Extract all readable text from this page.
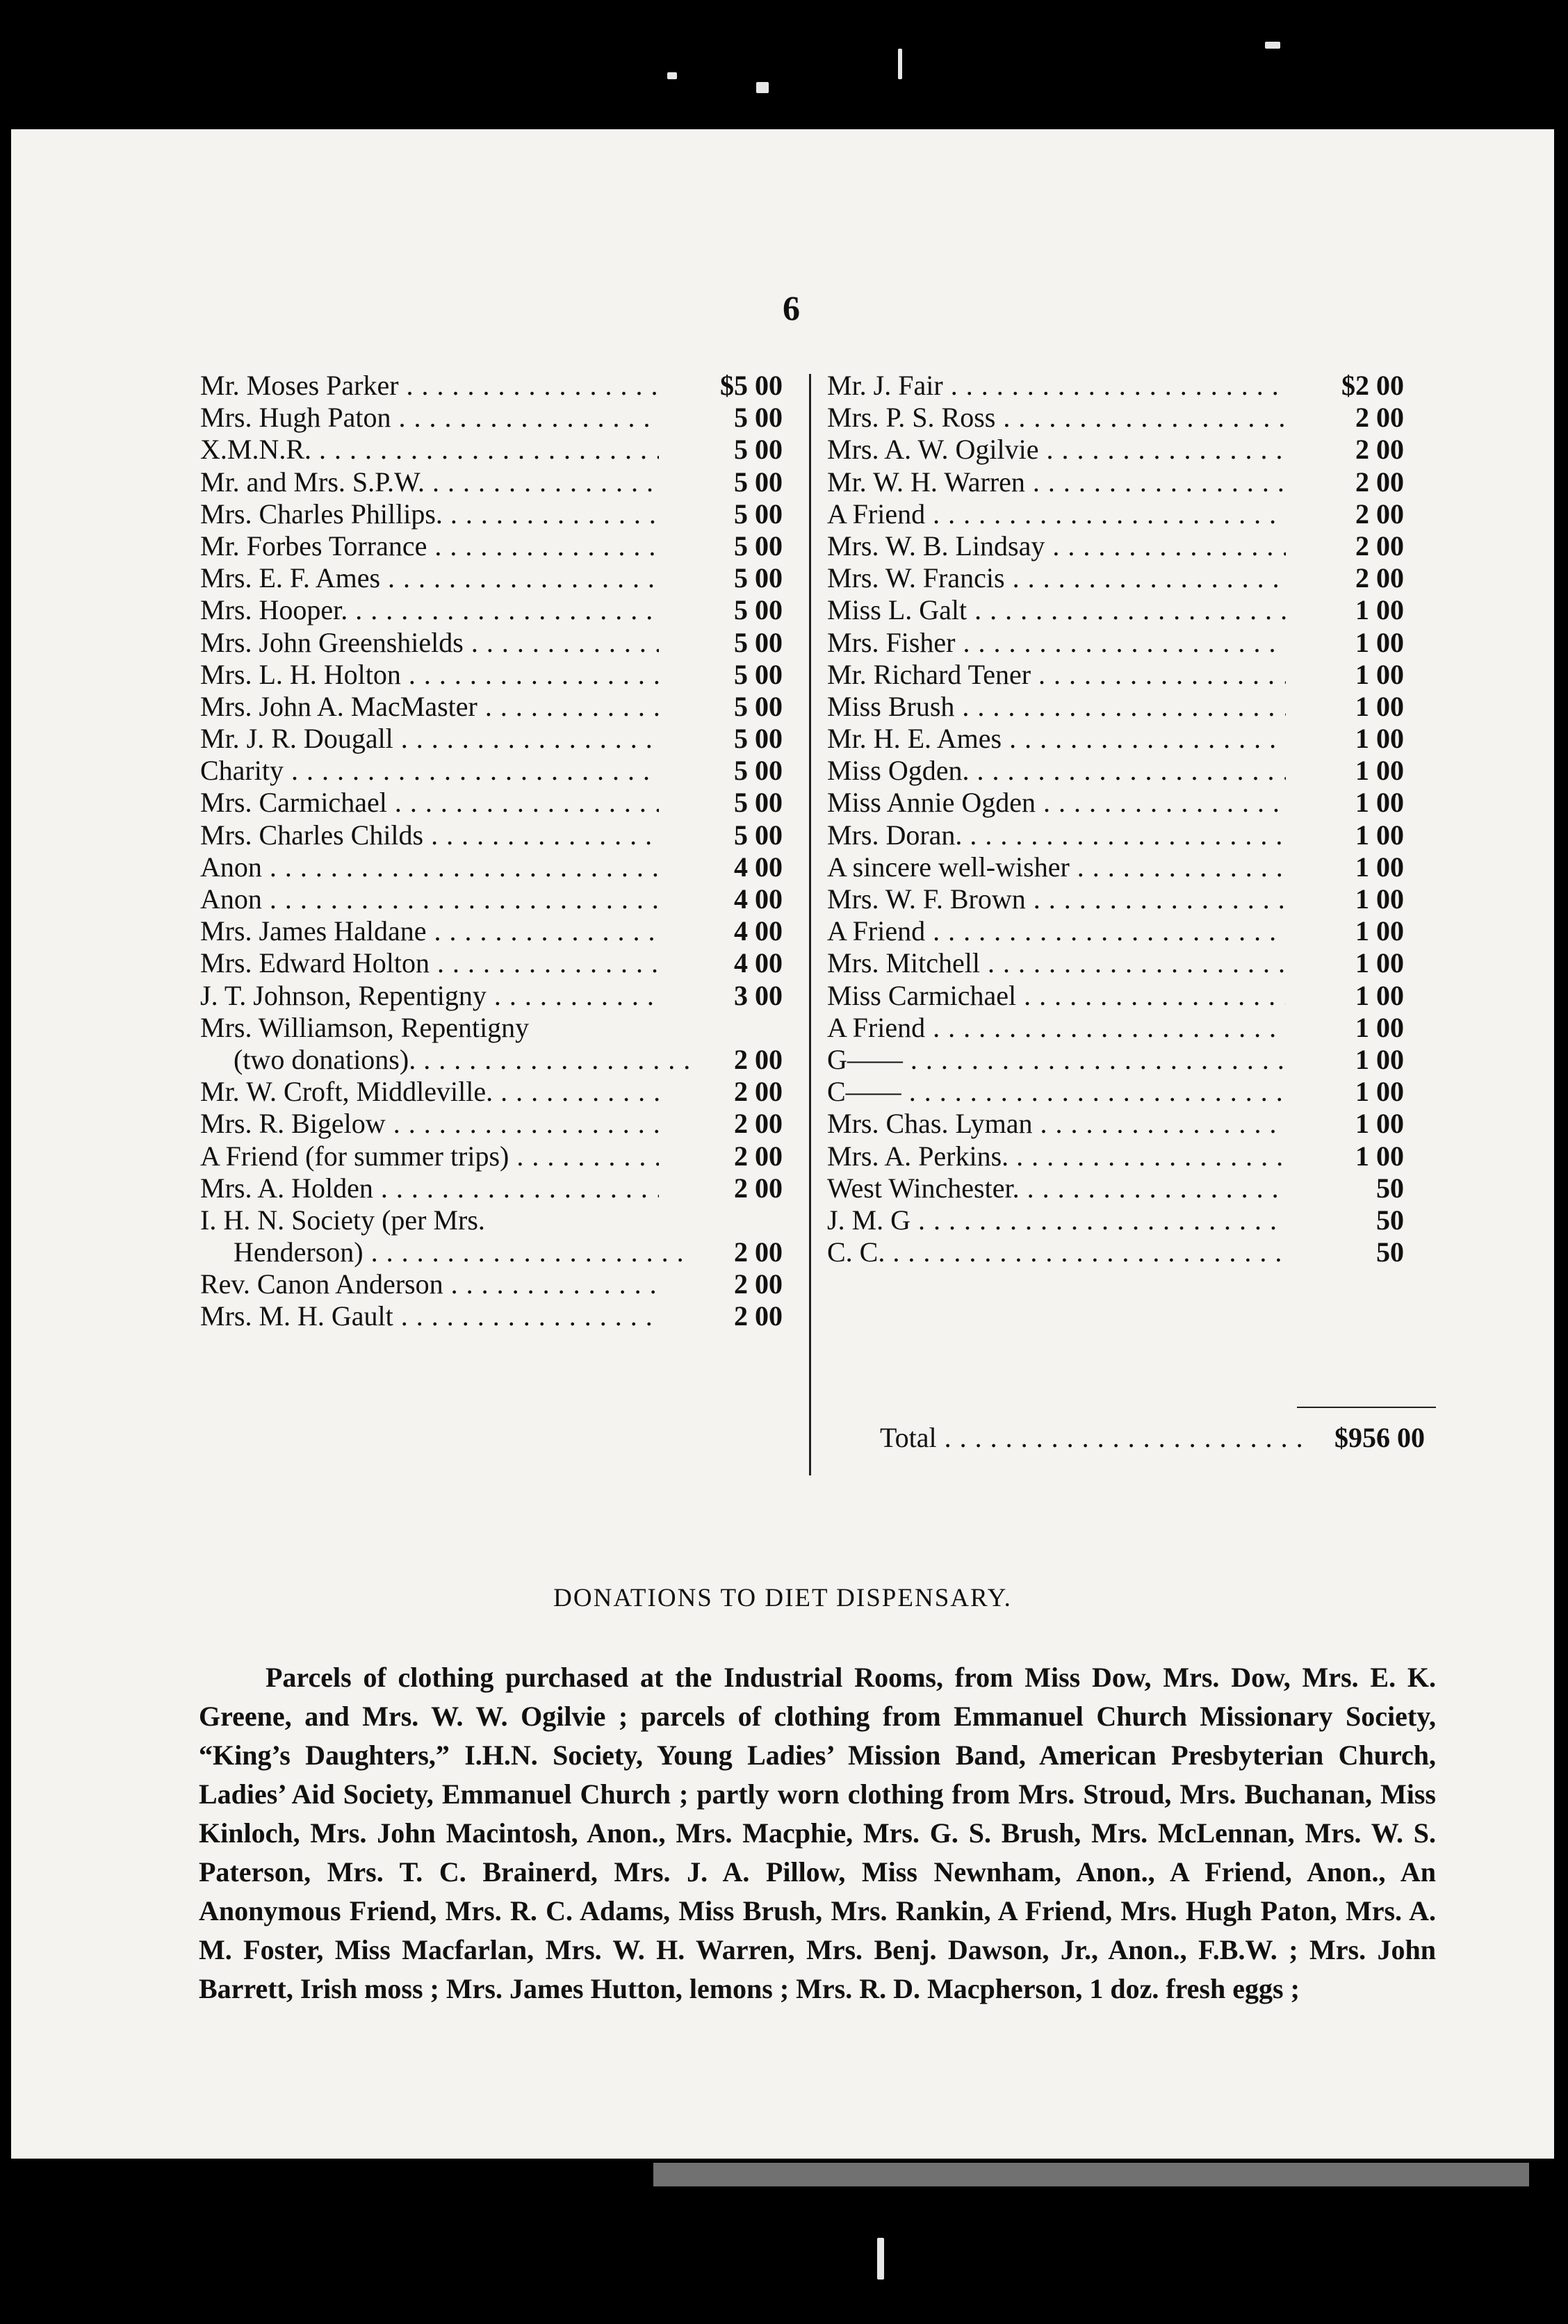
6
Mr. Moses Parker . . .	$5 00
Mrs. Hugh Paton . . .	5 00
X.M.N.R. . . .	5 00
Mr. and Mrs. S.P.W. . . .	5 00
Mrs. Charles Phillips. . . .	5 00
Mr. Forbes Torrance . . .	5 00
Mrs. E. F. Ames . . .	5 00
Mrs. Hooper. . . .	5 00
Mrs. John Greenshields . . .	5 00
Mrs. L. H. Holton . . .	5 00
Mrs. John A. MacMaster . . .	5 00
Mr. J. R. Dougall . . .	5 00
Charity . . .	5 00
Mrs. Carmichael . . .	5 00
Mrs. Charles Childs . . .	5 00
Anon . . .	4 00
Anon . . .	4 00
Mrs. James Haldane . . .	4 00
Mrs. Edward Holton . . .	4 00
J. T. Johnson, Repentigny . . .	3 00
Mrs. Williamson, Repentigny
(two donations). . . .	2 00
Mr. W. Croft, Middleville. . . .	2 00
Mrs. R. Bigelow . . .	2 00
A Friend (for summer trips) . . .	2 00
Mrs. A. Holden . . .	2 00
I. H. N. Society (per Mrs.
Henderson) . . .	2 00
Rev. Canon Anderson . . .	2 00
Mrs. M. H. Gault . . .	2 00
Mr. J. Fair . . .	$2 00
Mrs. P. S. Ross . . .	2 00
Mrs. A. W. Ogilvie . . .	2 00
Mr. W. H. Warren . . .	2 00
A Friend . . .	2 00
Mrs. W. B. Lindsay . . .	2 00
Mrs. W. Francis . . .	2 00
Miss L. Galt . . .	1 00
Mrs. Fisher . . .	1 00
Mr. Richard Tener . . .	1 00
Miss Brush . . .	1 00
Mr. H. E. Ames . . .	1 00
Miss Ogden. . . .	1 00
Miss Annie Ogden . . .	1 00
Mrs. Doran. . . .	1 00
A sincere well-wisher . . .	1 00
Mrs. W. F. Brown . . .	1 00
A Friend . . .	1 00
Mrs. Mitchell . . .	1 00
Miss Carmichael . . .	1 00
A Friend . . .	1 00
G—— . . .	1 00
C—— . . .	1 00
Mrs. Chas. Lyman . . .	1 00
Mrs. A. Perkins. . . .	1 00
West Winchester. . . .	50
J. M. G . . .	50
C. C. . . .	50
Total . . .	$956 00
DONATIONS TO DIET DISPENSARY.
Parcels of clothing purchased at the Industrial Rooms, from Miss Dow, Mrs. Dow, Mrs. E. K. Greene, and Mrs. W. W. Ogilvie ; parcels of clothing from Emmanuel Church Missionary Society, “King’s Daughters,” I.H.N. Society, Young Ladies’ Mission Band, American Presbyterian Church, Ladies’ Aid Society, Emmanuel Church ; partly worn clothing from Mrs. Stroud, Mrs. Buchanan, Miss Kinloch, Mrs. John Macintosh, Anon., Mrs. Macphie, Mrs. G. S. Brush, Mrs. McLennan, Mrs. W. S. Paterson, Mrs. T. C. Brainerd, Mrs. J. A. Pillow, Miss Newnham, Anon., A Friend, Anon., An Anonymous Friend, Mrs. R. C. Adams, Miss Brush, Mrs. Rankin, A Friend, Mrs. Hugh Paton, Mrs. A. M. Foster, Miss Macfarlan, Mrs. W. H. Warren, Mrs. Benj. Dawson, Jr., Anon., F.B.W. ; Mrs. John Barrett, Irish moss ; Mrs. James Hutton, lemons ; Mrs. R. D. Macpherson, 1 doz. fresh eggs ;
